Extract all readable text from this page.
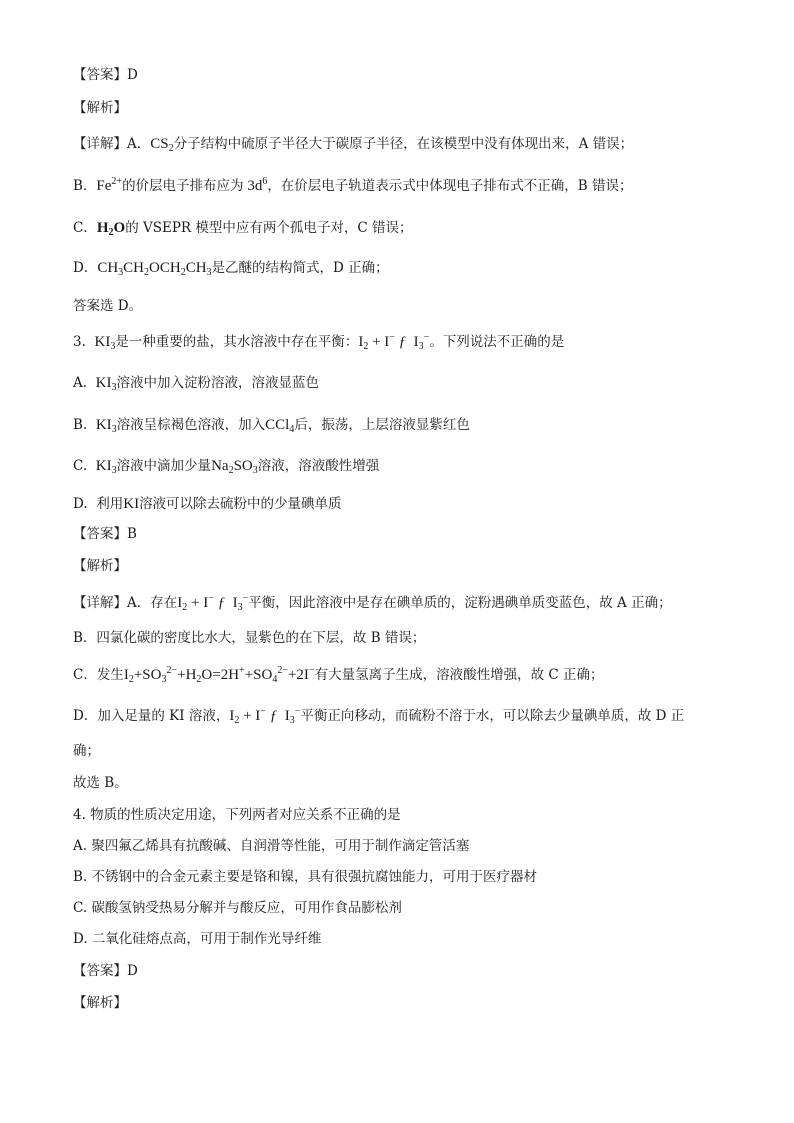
【答案】D
【解析】
【详解】A．$CS_2$分子结构中硫原子半径大于碳原子半径，在该模型中没有体现出来，A 错误；
B．$Fe^{2+}$的价层电子排布应为 $3d^6$，在价层电子轨道表示式中体现电子排布式不正确，B 错误；
C．$H_2O$的 VSEPR 模型中应有两个孤电子对，C 错误；
D．$CH_3CH_2OCH_2CH_3$是乙醚的结构简式，D 正确；
答案选 D。
3. $KI_3$是一种重要的盐，其水溶液中存在平衡：$I_2 + I^-$ ƒ  $I_3^-$。下列说法不正确的是
A. $KI_3$溶液中加入淀粉溶液，溶液显蓝色
B. $KI_3$溶液呈棕褐色溶液，加入CCl$_4$后，振荡，上层溶液显紫红色
C. $KI_3$溶液中滴加少量$Na_2SO_3$溶液，溶液酸性增强
D. 利用KI溶液可以除去硫粉中的少量碘单质
【答案】B
【解析】
【详解】A．存在$I_2 + I^-$ ƒ  $I_3^-$平衡，因此溶液中是存在碘单质的，淀粉遇碘单质变蓝色，故 A 正确；
B．四氯化碳的密度比水大，显紫色的在下层，故 B 错误；
C．发生$I_2+SO_3^{2-}+H_2O=2H^++SO_4^{2-}+2I^-$有大量氢离子生成，溶液酸性增强，故 C 正确；
D．加入足量的 KI 溶液，$I_2 + I^-$ ƒ  $I_3^-$平衡正向移动，而硫粉不溶于水，可以除去少量碘单质，故 D 正
确；
故选 B。
4. 物质的性质决定用途，下列两者对应关系不正确的是
A. 聚四氟乙烯具有抗酸碱、自润滑等性能，可用于制作滴定管活塞
B. 不锈钢中的合金元素主要是铬和镍，具有很强抗腐蚀能力，可用于医疗器材
C. 碳酸氢钠受热易分解并与酸反应，可用作食品膨松剂
D. 二氧化硅熔点高，可用于制作光导纤维
【答案】D
【解析】
